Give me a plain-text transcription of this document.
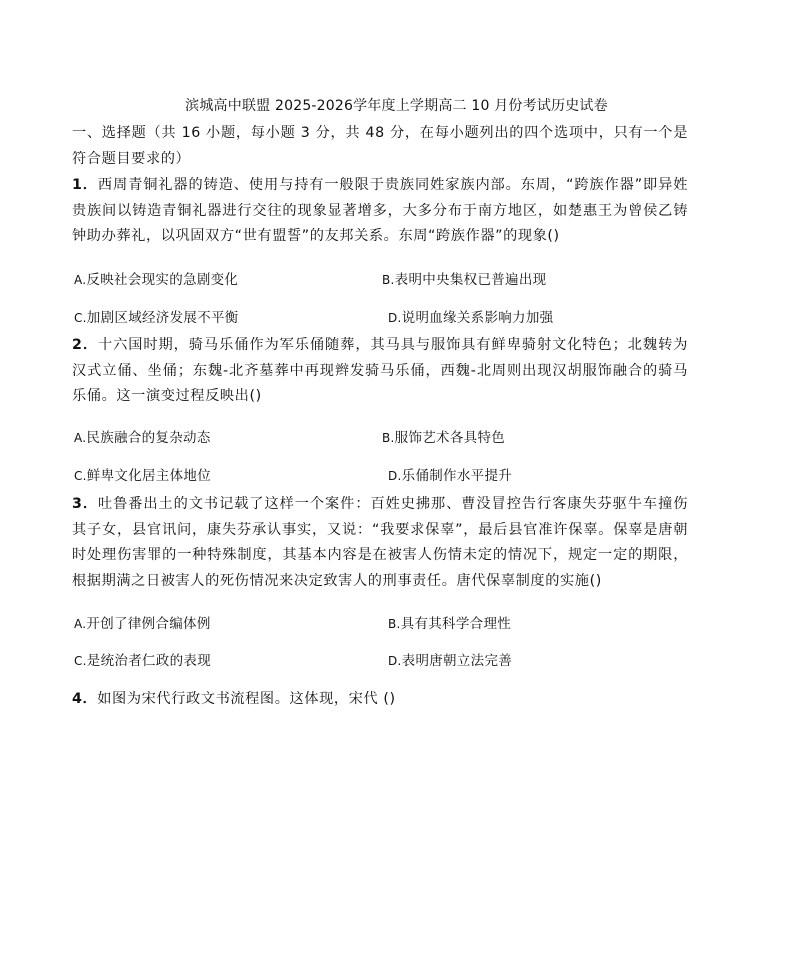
滨城高中联盟 2025-2026学年度上学期高二 10 月份考试历史试卷
一、选择题（共 16 小题，每小题 3 分，共 48 分，在每小题列出的四个选项中，只有一个是符合题目要求的）
1．西周青铜礼器的铸造、使用与持有一般限于贵族同姓家族内部。东周，“跨族作器”即异姓贵族间以铸造青铜礼器进行交往的现象显著增多，大多分布于南方地区，如楚惠王为曾侯乙铸钟助办葬礼，以巩固双方“世有盟誓”的友邦关系。东周“跨族作器”的现象()
A.反映社会现实的急剧变化	B.表明中央集权已普遍出现
C.加剧区域经济发展不平衡	D.说明血缘关系影响力加强
2．十六国时期，骑马乐俑作为军乐俑随葬，其马具与服饰具有鲜卑骑射文化特色；北魏转为汉式立俑、坐俑；东魏-北齐墓葬中再现辫发骑马乐俑，西魏-北周则出现汉胡服饰融合的骑马乐俑。这一演变过程反映出()
A.民族融合的复杂动态	B.服饰艺术各具特色
C.鲜卑文化居主体地位	D.乐俑制作水平提升
3．吐鲁番出土的文书记载了这样一个案件：百姓史拂那、曹没冒控告行客康失芬驱牛车撞伤其子女，县官讯问，康失芬承认事实，又说：“我要求保辜”，最后县官准许保辜。保辜是唐朝时处理伤害罪的一种特殊制度，其基本内容是在被害人伤情未定的情况下，规定一定的期限，根据期满之日被害人的死伤情况来决定致害人的刑事责任。唐代保辜制度的实施()
A.开创了律例合编体例	B.具有其科学合理性
C.是统治者仁政的表现	D.表明唐朝立法完善
4．如图为宋代行政文书流程图。这体现，宋代 ()
